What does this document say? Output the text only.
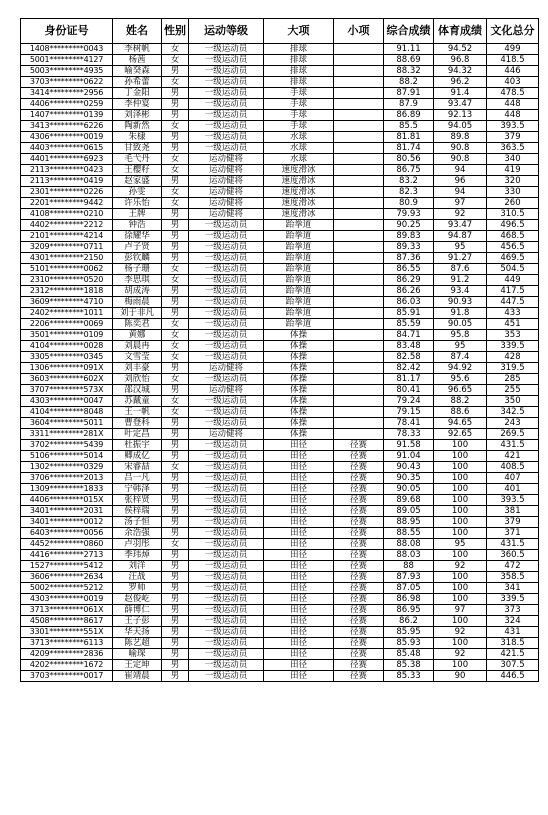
身份证号	姓名	性别	运动等级	大项	小项	综合成绩	体育成绩	文化总分
1408*********0043	李树帆	女	一级运动员	排球		91.11	94.52	499
5001*********4127	杨茜	女	一级运动员	排球		88.69	96.8	418.5
5003*********4935	喻癸森	男	一级运动员	排球		88.32	94.32	446
3703*********0622	孙希蕾	女	一级运动员	排球		88.2	96.2	403
3414*********2956	丁金阳	男	一级运动员	手球		87.91	91.4	478.5
4406*********0259	李仲宴	男	一级运动员	手球		87.9	93.47	448
1407*********0139	刘泽彬	男	一级运动员	手球		86.89	92.13	448
3413*********6226	陶新然	女	一级运动员	手球		85.5	94.05	393.5
4306*********0019	朱棣	男	一级运动员	水球		81.81	89.8	379
4403*********0615	甘致尧	男	一级运动员	水球		81.74	90.8	363.5
4401*********6923	毛弋丹	女	运动健将	水球		80.56	90.8	340
2113*********0423	王樱籽	女	运动健将	速度滑冰		86.75	94	419
2113*********0419	赵家盛	男	运动健将	速度滑冰		83.2	96	320
2301*********0226	孙雯	女	运动健将	速度滑冰		82.3	94	330
2201*********9442	许乐怡	女	运动健将	速度滑冰		80.9	97	260
4108*********0210	王牌	男	运动健将	速度滑冰		79.93	92	310.5
4402*********2212	钟浩	男	一级运动员	跆拳道		90.25	93.47	496.5
2101*********4214	徐耀华	男	一级运动员	跆拳道		89.83	94.87	468.5
3209*********0711	卢子贤	男	一级运动员	跆拳道		89.33	95	456.5
4301*********2150	彭钦麟	男	一级运动员	跆拳道		87.36	91.27	469.5
5101*********0062	杨子珊	女	一级运动员	跆拳道		86.55	87.6	504.5
2310*********0520	李思琪	女	一级运动员	跆拳道		86.29	91.2	449
2312*********1818	胡成涛	男	一级运动员	跆拳道		86.26	93.4	417.5
3609*********4710	梅雨晨	男	一级运动员	跆拳道		86.03	90.93	447.5
2402*********1011	刘于非凡	男	一级运动员	跆拳道		85.91	91.8	433
2206*********0069	陈奕君	女	一级运动员	跆拳道		85.59	90.05	451
3501*********0109	黄娜	女	一级运动员	体操		84.71	95.8	353
4104*********0028	刘晨冉	女	一级运动员	体操		83.48	95	339.5
3305*********0345	文雪莹	女	一级运动员	体操		82.58	87.4	428
1306*********091X	刘丰豪	男	运动健将	体操		82.42	94.92	319.5
3603*********602X	刘欣怡	女	一级运动员	体操		81.17	95.6	285
3707*********573X	邵汉城	男	运动健将	体操		80.41	96.65	255
4303*********0047	苏戴童	女	一级运动员	体操		79.24	88.2	350
4104*********8048	王一帆	女	一级运动员	体操		79.15	88.6	342.5
3604*********5011	曹登科	男	一级运动员	体操		78.41	94.65	243
3311*********281X	叶定昌	男	运动健将	体操		78.33	92.65	269.5
3702*********5439	杜振宇	男	一级运动员	田径	径赛	91.58	100	431.5
5106*********5014	卿成亿	男	一级运动员	田径	径赛	91.04	100	421
1302*********0329	宋睿喆	女	一级运动员	田径	径赛	90.43	100	408.5
3706*********2013	吕一凡	男	一级运动员	田径	径赛	90.35	100	407
1309*********1833	宁韩泽	男	一级运动员	田径	径赛	90.05	100	401
4406*********015X	张梓贤	男	一级运动员	田径	径赛	89.68	100	393.5
3401*********2031	侯梓瑞	男	一级运动员	田径	径赛	89.05	100	381
3401*********0012	汤子恒	男	一级运动员	田径	径赛	88.95	100	379
6403*********0056	余浩强	男	一级运动员	田径	径赛	88.55	100	371
4452*********0860	卢羽彤	女	一级运动员	田径	径赛	88.08	95	431.5
4416*********2713	季玮焯	男	一级运动员	田径	径赛	88.03	100	360.5
1527*********5412	刘洋	男	一级运动员	田径	径赛	88	92	472
3606*********2634	汪战	男	一级运动员	田径	径赛	87.93	100	358.5
5002*********5212	罗帅	男	一级运动员	田径	径赛	87.05	100	341
4303*********0019	赵俊屹	男	一级运动员	田径	径赛	86.98	100	339.5
3713*********061X	薛博仁	男	一级运动员	田径	径赛	86.95	97	373
4508*********8617	王子彭	男	一级运动员	田径	径赛	86.2	100	324
3301*********551X	华天扬	男	一级运动员	田径	径赛	85.95	92	431
3713*********6113	陈艺超	男	一级运动员	田径	径赛	85.93	100	318.5
4209*********2836	喻琛	男	一级运动员	田径	径赛	85.48	92	421.5
4202*********1672	王定坤	男	一级运动员	田径	径赛	85.38	100	307.5
3703*********0017	崔靖晨	男	一级运动员	田径	径赛	85.33	90	446.5
